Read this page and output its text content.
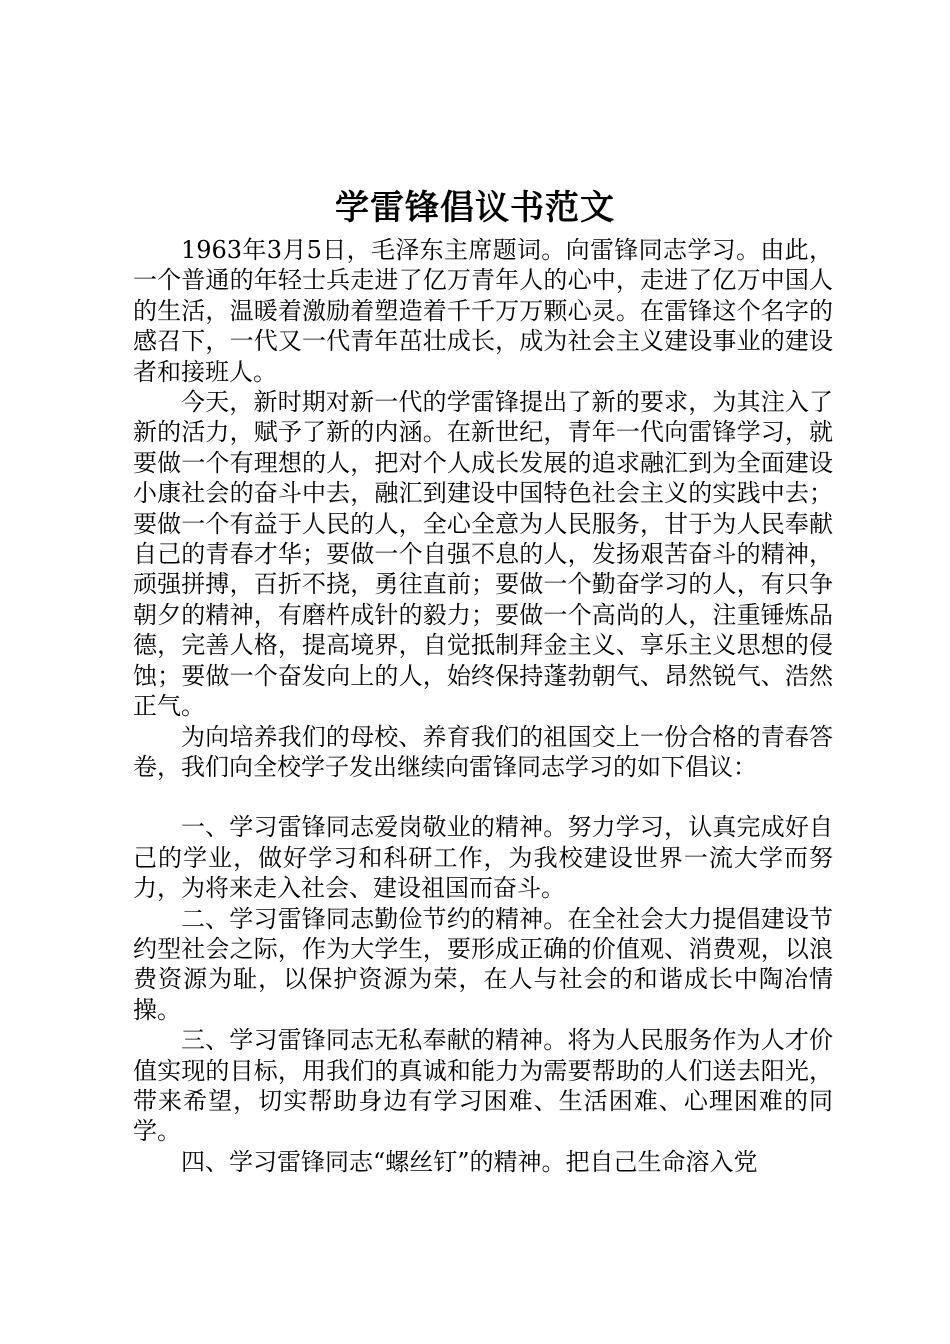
学雷锋倡议书范文

1963年3月5日，毛泽东主席题词。向雷锋同志学习。由此，一个普通的年轻士兵走进了亿万青年人的心中，走进了亿万中国人的生活，温暖着激励着塑造着千千万万颗心灵。在雷锋这个名字的感召下，一代又一代青年茁壮成长，成为社会主义建设事业的建设者和接班人。

今天，新时期对新一代的学雷锋提出了新的要求，为其注入了新的活力，赋予了新的内涵。在新世纪，青年一代向雷锋学习，就要做一个有理想的人，把对个人成长发展的追求融汇到为全面建设小康社会的奋斗中去，融汇到建设中国特色社会主义的实践中去；要做一个有益于人民的人，全心全意为人民服务，甘于为人民奉献自己的青春才华；要做一个自强不息的人，发扬艰苦奋斗的精神，顽强拼搏，百折不挠，勇往直前；要做一个勤奋学习的人，有只争朝夕的精神，有磨杵成针的毅力；要做一个高尚的人，注重锤炼品德，完善人格，提高境界，自觉抵制拜金主义、享乐主义思想的侵蚀；要做一个奋发向上的人，始终保持蓬勃朝气、昂然锐气、浩然正气。

为向培养我们的母校、养育我们的祖国交上一份合格的青春答卷，我们向全校学子发出继续向雷锋同志学习的如下倡议：

一、学习雷锋同志爱岗敬业的精神。努力学习，认真完成好自己的学业，做好学习和科研工作，为我校建设世界一流大学而努力，为将来走入社会、建设祖国而奋斗。

二、学习雷锋同志勤俭节约的精神。在全社会大力提倡建设节约型社会之际，作为大学生，要形成正确的价值观、消费观，以浪费资源为耻，以保护资源为荣，在人与社会的和谐成长中陶冶情操。

三、学习雷锋同志无私奉献的精神。将为人民服务作为人才价值实现的目标，用我们的真诚和能力为需要帮助的人们送去阳光，带来希望，切实帮助身边有学习困难、生活困难、心理困难的同学。

四、学习雷锋同志“螺丝钉”的精神。把自己生命溶入党
